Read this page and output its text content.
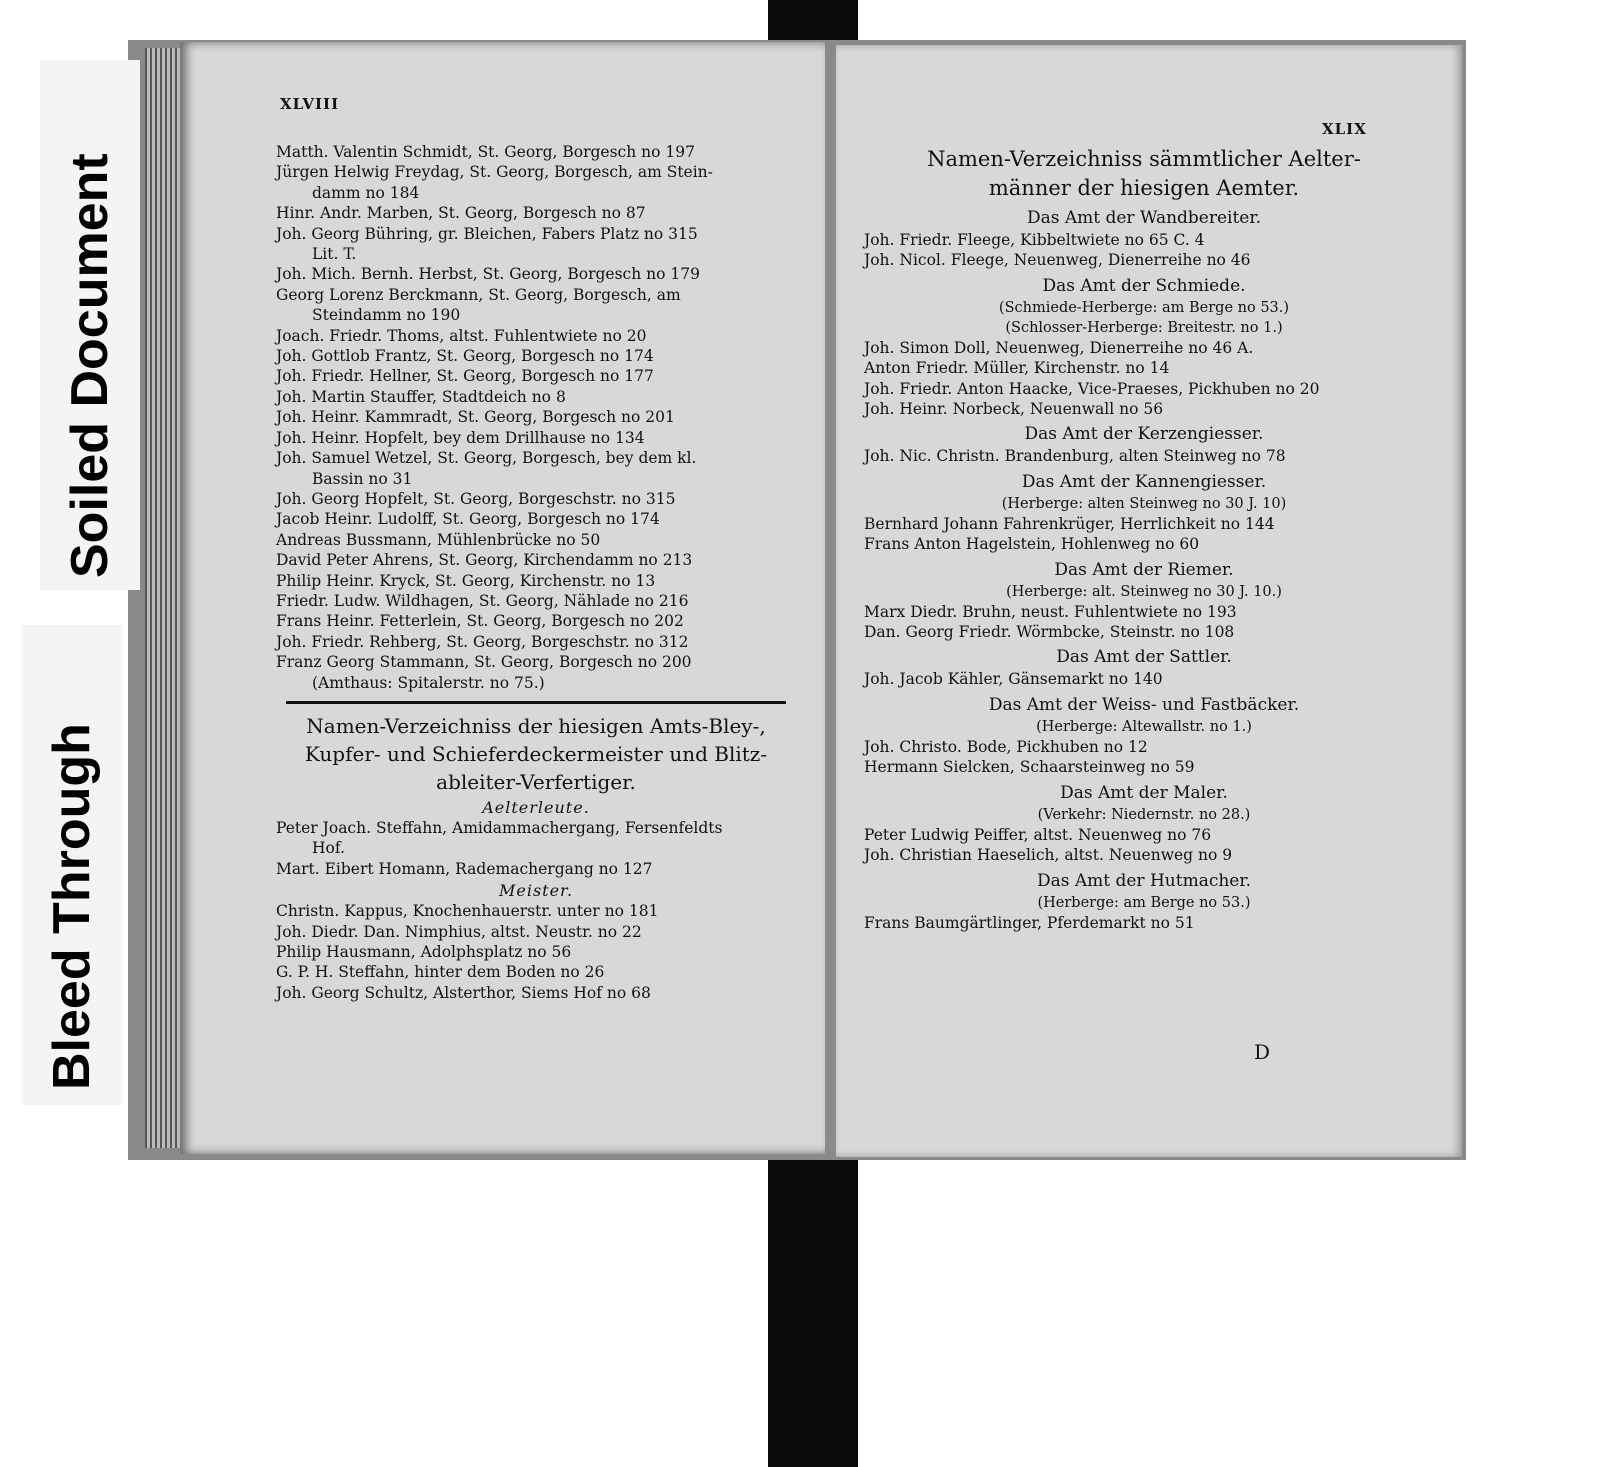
Soiled Document
Bleed Through
XLVIII
Matth. Valentin Schmidt, St. Georg, Borgesch no 197
Jürgen Helwig Freydag, St. Georg, Borgesch, am Stein-
damm no 184
Hinr. Andr. Marben, St. Georg, Borgesch no 87
Joh. Georg Bühring, gr. Bleichen, Fabers Platz no 315
Lit. T.
Joh. Mich. Bernh. Herbst, St. Georg, Borgesch no 179
Georg Lorenz Berckmann, St. Georg, Borgesch, am
Steindamm no 190
Joach. Friedr. Thoms, altst. Fuhlentwiete no 20
Joh. Gottlob Frantz, St. Georg, Borgesch no 174
Joh. Friedr. Hellner, St. Georg, Borgesch no 177
Joh. Martin Stauffer, Stadtdeich no 8
Joh. Heinr. Kammradt, St. Georg, Borgesch no 201
Joh. Heinr. Hopfelt, bey dem Drillhause no 134
Joh. Samuel Wetzel, St. Georg, Borgesch, bey dem kl.
Bassin no 31
Joh. Georg Hopfelt, St. Georg, Borgeschstr. no 315
Jacob Heinr. Ludolff, St. Georg, Borgesch no 174
Andreas Bussmann, Mühlenbrücke no 50
David Peter Ahrens, St. Georg, Kirchendamm no 213
Philip Heinr. Kryck, St. Georg, Kirchenstr. no 13
Friedr. Ludw. Wildhagen, St. Georg, Nählade no 216
Frans Heinr. Fetterlein, St. Georg, Borgesch no 202
Joh. Friedr. Rehberg, St. Georg, Borgeschstr. no 312
Franz Georg Stammann, St. Georg, Borgesch no 200
(Amthaus: Spitalerstr. no 75.)
Namen-Verzeichniss der hiesigen Amts-Bley-,
Kupfer- und Schieferdeckermeister und Blitz-
ableiter-Verfertiger.
Aelterleute.
Peter Joach. Steffahn, Amidammachergang, Fersenfeldts
Hof.
Mart. Eibert Homann, Rademachergang no 127
Meister.
Christn. Kappus, Knochenhauerstr. unter no 181
Joh. Diedr. Dan. Nimphius, altst. Neustr. no 22
Philip Hausmann, Adolphsplatz no 56
G. P. H. Steffahn, hinter dem Boden no 26
Joh. Georg Schultz, Alsterthor, Siems Hof no 68
XLIX
Namen-Verzeichniss sämmtlicher Aelter-
männer der hiesigen Aemter.
Das Amt der Wandbereiter.
Joh. Friedr. Fleege, Kibbeltwiete no 65 C. 4
Joh. Nicol. Fleege, Neuenweg, Dienerreihe no 46
Das Amt der Schmiede.
(Schmiede-Herberge: am Berge no 53.)
(Schlosser-Herberge: Breitestr. no 1.)
Joh. Simon Doll, Neuenweg, Dienerreihe no 46 A.
Anton Friedr. Müller, Kirchenstr. no 14
Joh. Friedr. Anton Haacke, Vice-Praeses, Pickhuben no 20
Joh. Heinr. Norbeck, Neuenwall no 56
Das Amt der Kerzengiesser.
Joh. Nic. Christn. Brandenburg, alten Steinweg no 78
Das Amt der Kannengiesser.
(Herberge: alten Steinweg no 30 J. 10)
Bernhard Johann Fahrenkrüger, Herrlichkeit no 144
Frans Anton Hagelstein, Hohlenweg no 60
Das Amt der Riemer.
(Herberge: alt. Steinweg no 30 J. 10.)
Marx Diedr. Bruhn, neust. Fuhlentwiete no 193
Dan. Georg Friedr. Wörmbcke, Steinstr. no 108
Das Amt der Sattler.
Joh. Jacob Kähler, Gänsemarkt no 140
Das Amt der Weiss- und Fastbäcker.
(Herberge: Altewallstr. no 1.)
Joh. Christo. Bode, Pickhuben no 12
Hermann Sielcken, Schaarsteinweg no 59
Das Amt der Maler.
(Verkehr: Niedernstr. no 28.)
Peter Ludwig Peiffer, altst. Neuenweg no 76
Joh. Christian Haeselich, altst. Neuenweg no 9
Das Amt der Hutmacher.
(Herberge: am Berge no 53.)
Frans Baumgärtlinger, Pferdemarkt no 51
D
